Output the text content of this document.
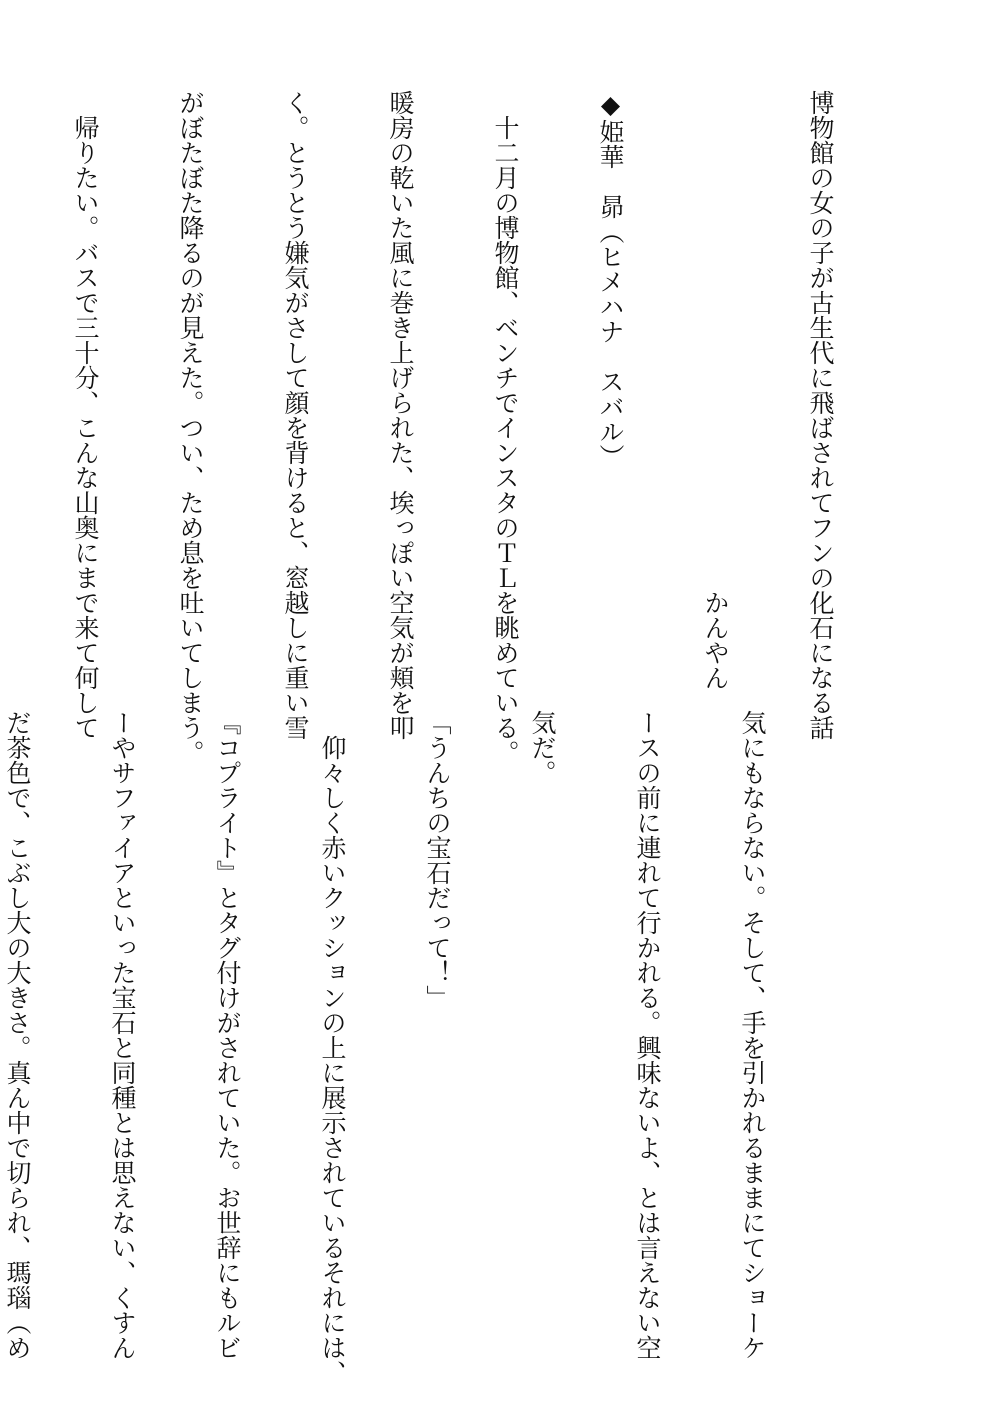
博物館の女の子が古生代に飛ばされてフンの化石になる話

かんやん

◆姫華　昴（ヒメハナ　スバル）

　十二月の博物館、ベンチでインスタのＴＬを眺めている。

暖房の乾いた風に巻き上げられた、埃っぽい空気が頬を叩

く。とうとう嫌気がさして顔を背けると、窓越しに重い雪

がぼたぼた降るのが見えた。つい、ため息を吐いてしまう。

　帰りたい。バスで三十分、こんな山奥にまで来て何して

気にもならない。そして、手を引かれるままにてショーケ

ースの前に連れて行かれる。興味ないよ、とは言えない空

気だ。

「うんちの宝石だって！」

　仰々しく赤いクッションの上に展示されているそれには、

『コプライト』とタグ付けがされていた。お世辞にもルビ

ーやサファイアといった宝石と同種とは思えない、くすん

だ茶色で、こぶし大の大きさ。真ん中で切られ、瑪瑙（め
